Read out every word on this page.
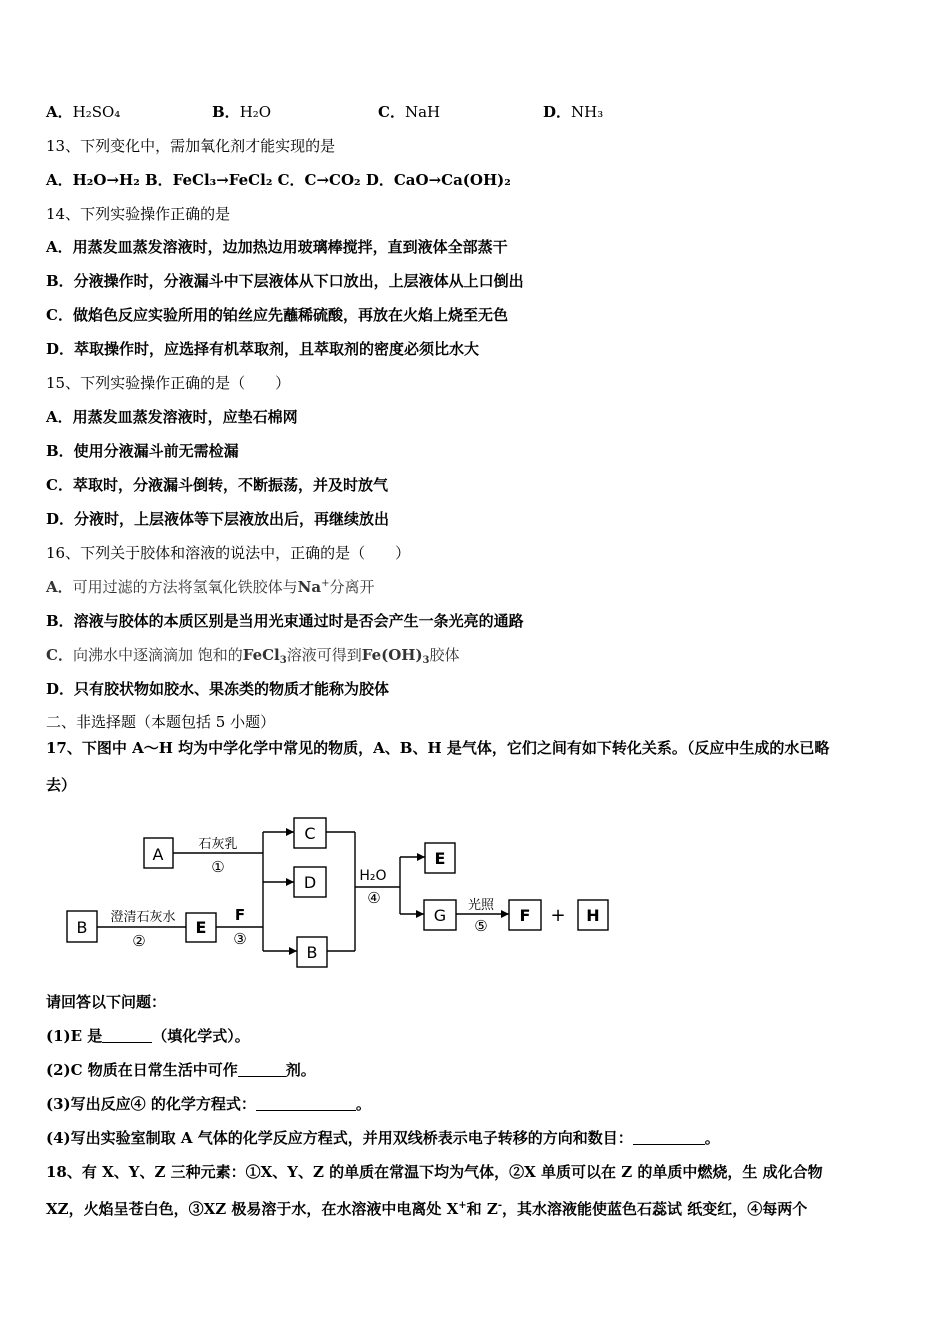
A．H₂SO₄	B．H₂O	C．NaH	D．NH₃
13、下列变化中，需加氧化剂才能实现的是
A．H₂O→H₂ B．FeCl₃→FeCl₂ C．C→CO₂ D．CaO→Ca(OH)₂
14、下列实验操作正确的是
A．用蒸发皿蒸发溶液时，边加热边用玻璃棒搅拌，直到液体全部蒸干
B．分液操作时，分液漏斗中下层液体从下口放出，上层液体从上口倒出
C．做焰色反应实验所用的铂丝应先蘸稀硫酸，再放在火焰上烧至无色
D．萃取操作时，应选择有机萃取剂，且萃取剂的密度必须比水大
15、下列实验操作正确的是（　　）
A．用蒸发皿蒸发溶液时，应垫石棉网
B．使用分液漏斗前无需检漏
C．萃取时，分液漏斗倒转，不断振荡，并及时放气
D．分液时，上层液体等下层液放出后，再继续放出
16、下列关于胶体和溶液的说法中，正确的是（　　）
A．可用过滤的方法将氢氧化铁胶体与Na+分离开
B．溶液与胶体的本质区别是当用光束通过时是否会产生一条光亮的通路
C．向沸水中逐滴滴加 饱和的FeCl$_3$溶液可得到$Fe(OH)_3$胶体
D．只有胶状物如胶水、果冻类的物质才能称为胶体
二、非选择题（本题包括 5 小题）
17、下图中 A～H 均为中学化学中常见的物质，A、B、H 是气体，它们之间有如下转化关系。（反应中生成的水已略
去）
A
B	E
C
D
B
E
G	F	H
+
石灰乳
①
澄清石灰水
②
F
③
H₂O
④	光照
⑤
请回答以下问题：
(1)E 是	（填化学式）。
(2)C 物质在日常生活中可作	剂。
(3)写出反应④ 的化学方程式：	。
(4)写出实验室制取 A 气体的化学反应方程式，并用双线桥表示电子转移的方向和数目：	。
18、有 X、Y、Z 三种元素：①X、Y、Z 的单质在常温下均为气体，②X 单质可以在 Z 的单质中燃烧，生 成化合物
XZ，火焰呈苍白色，③XZ 极易溶于水，在水溶液中电离处 X+和 Z-，其水溶液能使蓝色石蕊试 纸变红，④每两个
